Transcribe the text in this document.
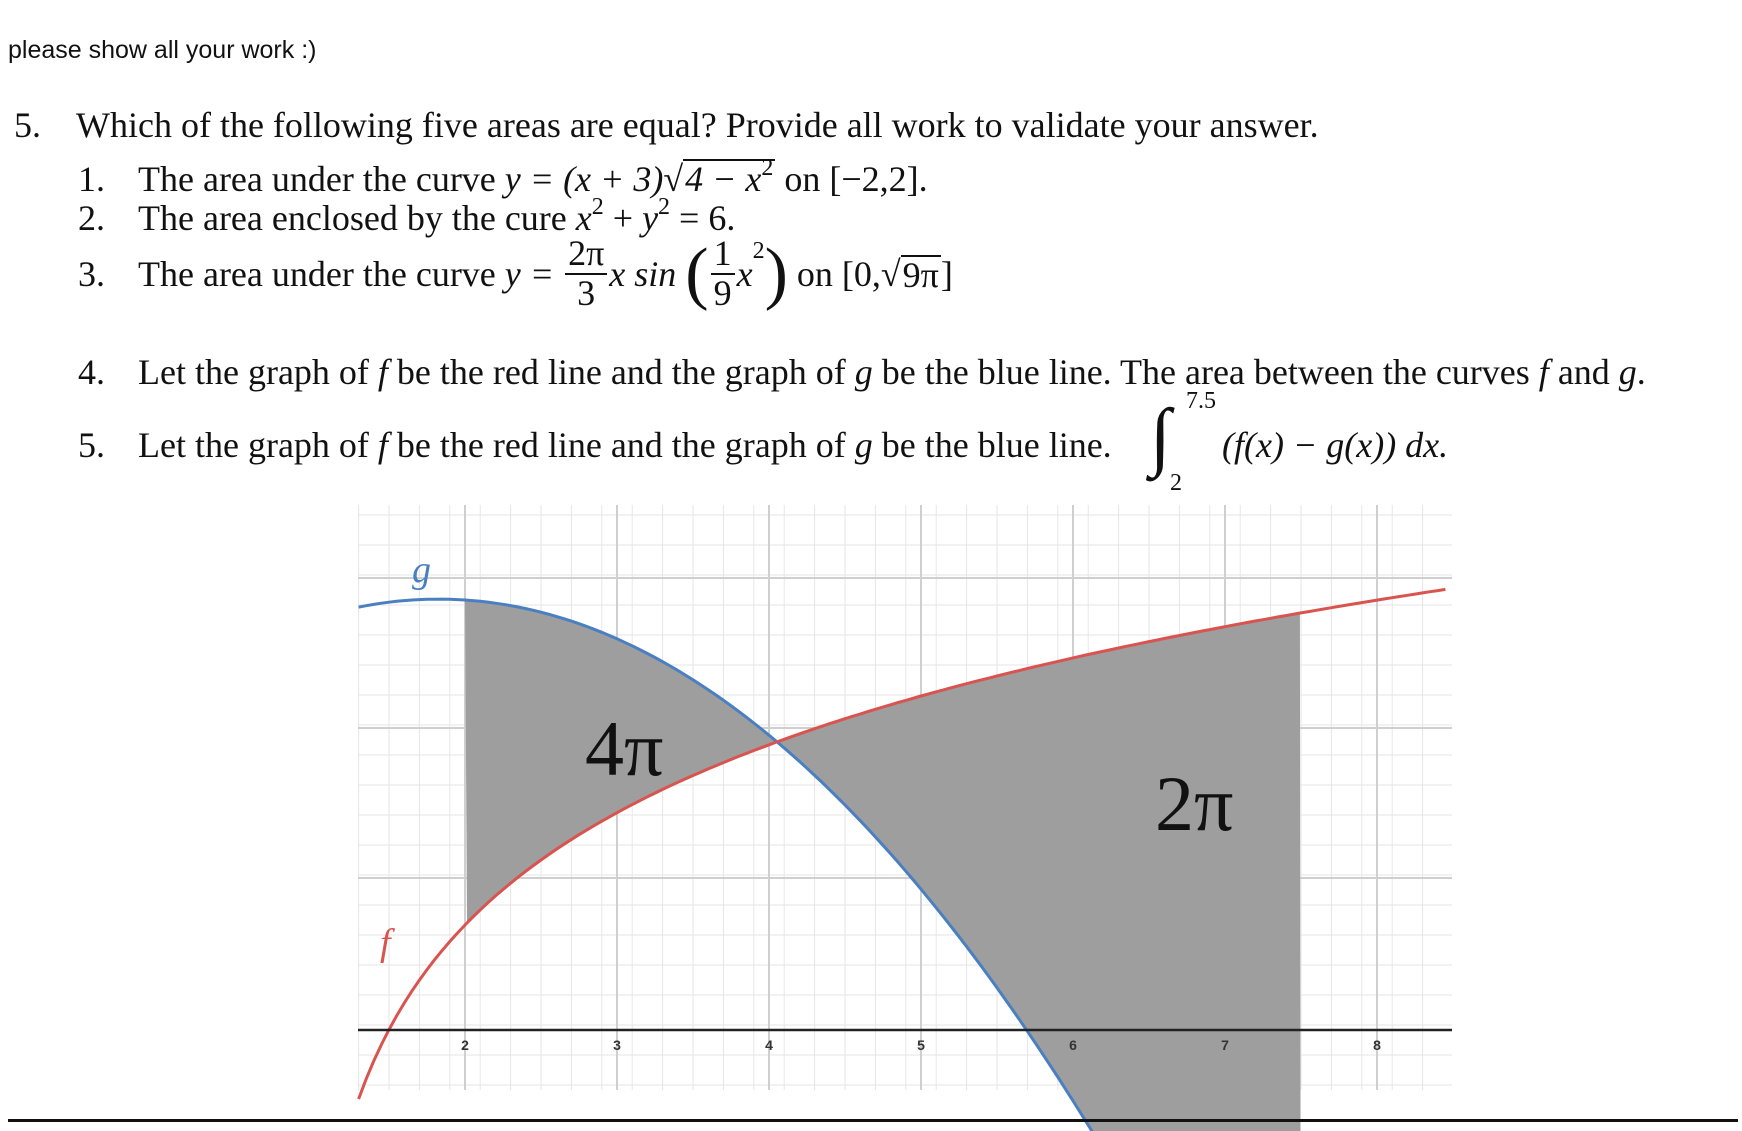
please show all your work :)
5. Which of the following five areas are equal? Provide all work to validate your answer.
1. The area under the curve $y = (x + 3)√4 - x^2$ on [−2,2].
2. The area enclosed by the cure $x^2 + y^2 = 6$.
3. The area under the curve $y = \frac{2\pi}{3}$ x sin ( $\frac{1}{9} x^2$) on [0,√9π]
4. Let the graph of f be the red line and the graph of g be the blue line. The area between the curves f and g.
5. Let the graph of f be the red line and the graph of g be the blue line. ∫ 7.5
2
(f(x) − g(x)) dx.
2	3	4	5	6	7	8
g
f
4π
2π
